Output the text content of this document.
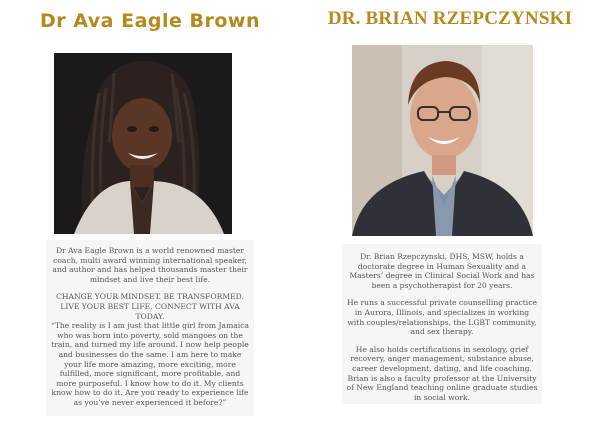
Dr Ava Eagle Brown

Dr Ava Eagle Brown is a world renowned master coach, multi award winning international speaker, and author and has helped thousands master their mindset and live their best life.

CHANGE YOUR MINDSET. BE TRANSFORMED. LIVE YOUR BEST LIFE. CONNECT WITH AVA TODAY.

“The reality is I am just that little girl from Jamaica who was born into poverty, sold mangoes on the train, and turned my life around. I now help people and businesses do the same. I am here to make your life more amazing, more exciting, more fulfilled, more significant, more profitable, and more purposeful. I know how to do it. My clients know how to do it. Are you ready to experience life as you’ve never experienced it before?”

DR. BRIAN RZEPCZYNSKI

Dr. Brian Rzepczynski, DHS, MSW, holds a doctorate degree in Human Sexuality and a Masters’ degree in Clinical Social Work and has been a psychotherapist for 20 years.

He runs a successful private counselling practice in Aurora, Illinois, and specializes in working with couples/relationships, the LGBT community, and sex therapy.

He also holds certifications in sexology, grief recovery, anger management, substance abuse, career development, dating, and life coaching. Brian is also a faculty professor at the University of New England teaching online graduate studies in social work.
